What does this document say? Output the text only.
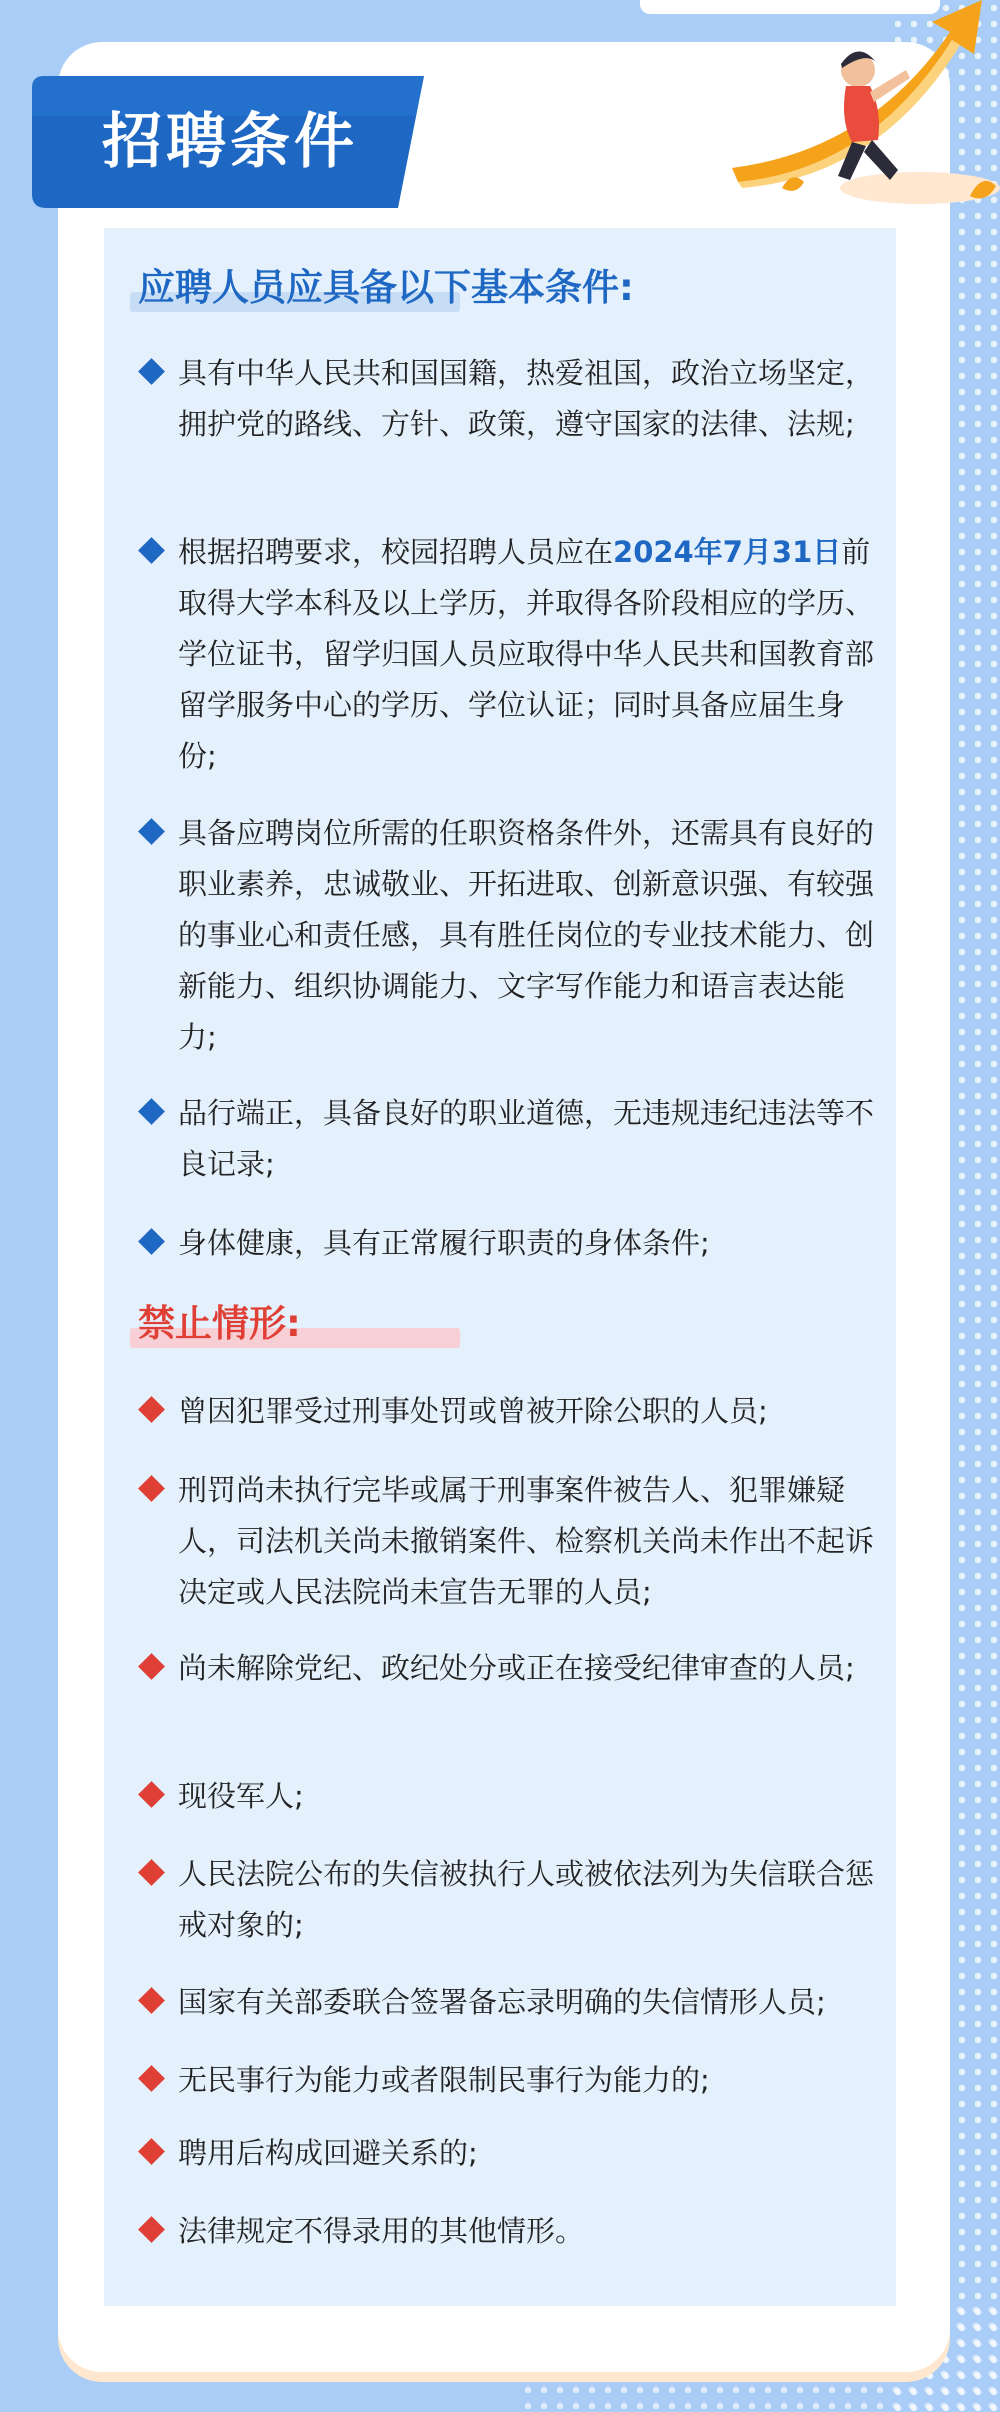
招聘条件
应聘人员应具备以下基本条件:
具有中华人民共和国国籍，热爱祖国，政治立场坚定，拥护党的路线、方针、政策，遵守国家的法律、法规;
根据招聘要求，校园招聘人员应在2024年7月31日前取得大学本科及以上学历，并取得各阶段相应的学历、学位证书，留学归国人员应取得中华人民共和国教育部留学服务中心的学历、学位认证；同时具备应届生身份;
具备应聘岗位所需的任职资格条件外，还需具有良好的职业素养，忠诚敬业、开拓进取、创新意识强、有较强的事业心和责任感，具有胜任岗位的专业技术能力、创新能力、组织协调能力、文字写作能力和语言表达能力;
品行端正，具备良好的职业道德，无违规违纪违法等不良记录;
身体健康，具有正常履行职责的身体条件;
禁止情形:
曾因犯罪受过刑事处罚或曾被开除公职的人员;
刑罚尚未执行完毕或属于刑事案件被告人、犯罪嫌疑人，司法机关尚未撤销案件、检察机关尚未作出不起诉决定或人民法院尚未宣告无罪的人员;
尚未解除党纪、政纪处分或正在接受纪律审查的人员;
现役军人;
人民法院公布的失信被执行人或被依法列为失信联合惩戒对象的;
国家有关部委联合签署备忘录明确的失信情形人员;
无民事行为能力或者限制民事行为能力的;
聘用后构成回避关系的;
法律规定不得录用的其他情形。
